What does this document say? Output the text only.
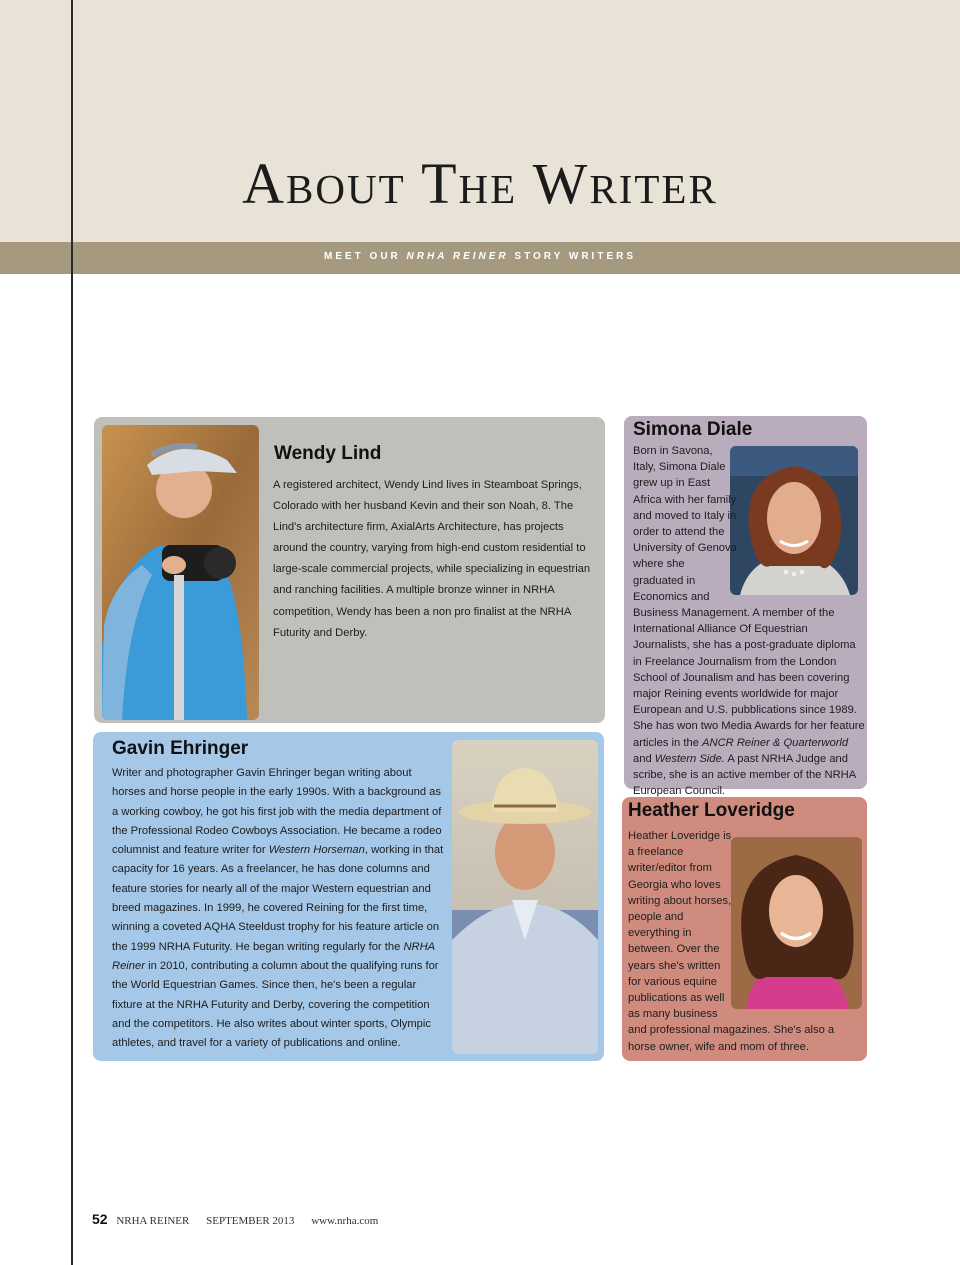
About The Writer
MEET OUR NRHA REINER STORY WRITERS
Wendy Lind
A registered architect, Wendy Lind lives in Steamboat Springs, Colorado with her husband Kevin and their son Noah, 8. The Lind's architecture firm, AxialArts Architecture, has projects around the country, varying from high-end custom residential to large-scale commercial projects, while specializing in equestrian and ranching facilities. A multiple bronze winner in NRHA competition, Wendy has been a non pro finalist at the NRHA Futurity and Derby.
Gavin Ehringer
Writer and photographer Gavin Ehringer began writing about horses and horse people in the early 1990s. With a background as a working cowboy, he got his first job with the media department of the Professional Rodeo Cowboys Association. He became a rodeo columnist and feature writer for Western Horseman, working in that capacity for 16 years. As a freelancer, he has done columns and feature stories for nearly all of the major Western equestrian and breed magazines. In 1999, he covered Reining for the first time, winning a coveted AQHA Steeldust trophy for his feature article on the 1999 NRHA Futurity. He began writing regularly for the NRHA Reiner in 2010, contributing a column about the qualifying runs for the World Equestrian Games. Since then, he's been a regular fixture at the NRHA Futurity and Derby, covering the competition and the competitors. He also writes about winter sports, Olympic athletes, and travel for a variety of publications and online.
Simona Diale
Born in Savona, Italy, Simona Diale grew up in East Africa with her family and moved to Italy in order to attend the University of Genova where she graduated in Economics and Business Management. A member of the International Alliance Of Equestrian Journalists, she has a post-graduate diploma in Freelance Journalism from the London School of Jounalism and has been covering major Reining events worldwide for major European and U.S. pubblications since 1989. She has won two Media Awards for her feature articles in the ANCR Reiner & Quarterworld and Western Side. A past NRHA Judge and scribe, she is an active member of the NRHA European Council.
Heather Loveridge
Heather Loveridge is a freelance writer/editor from Georgia who loves writing about horses, people and everything in between. Over the years she's written for various equine publications as well as many business and professional magazines. She's also a horse owner, wife and mom of three.
52 NRHA REINER SEPTEMBER 2013 www.nrha.com
